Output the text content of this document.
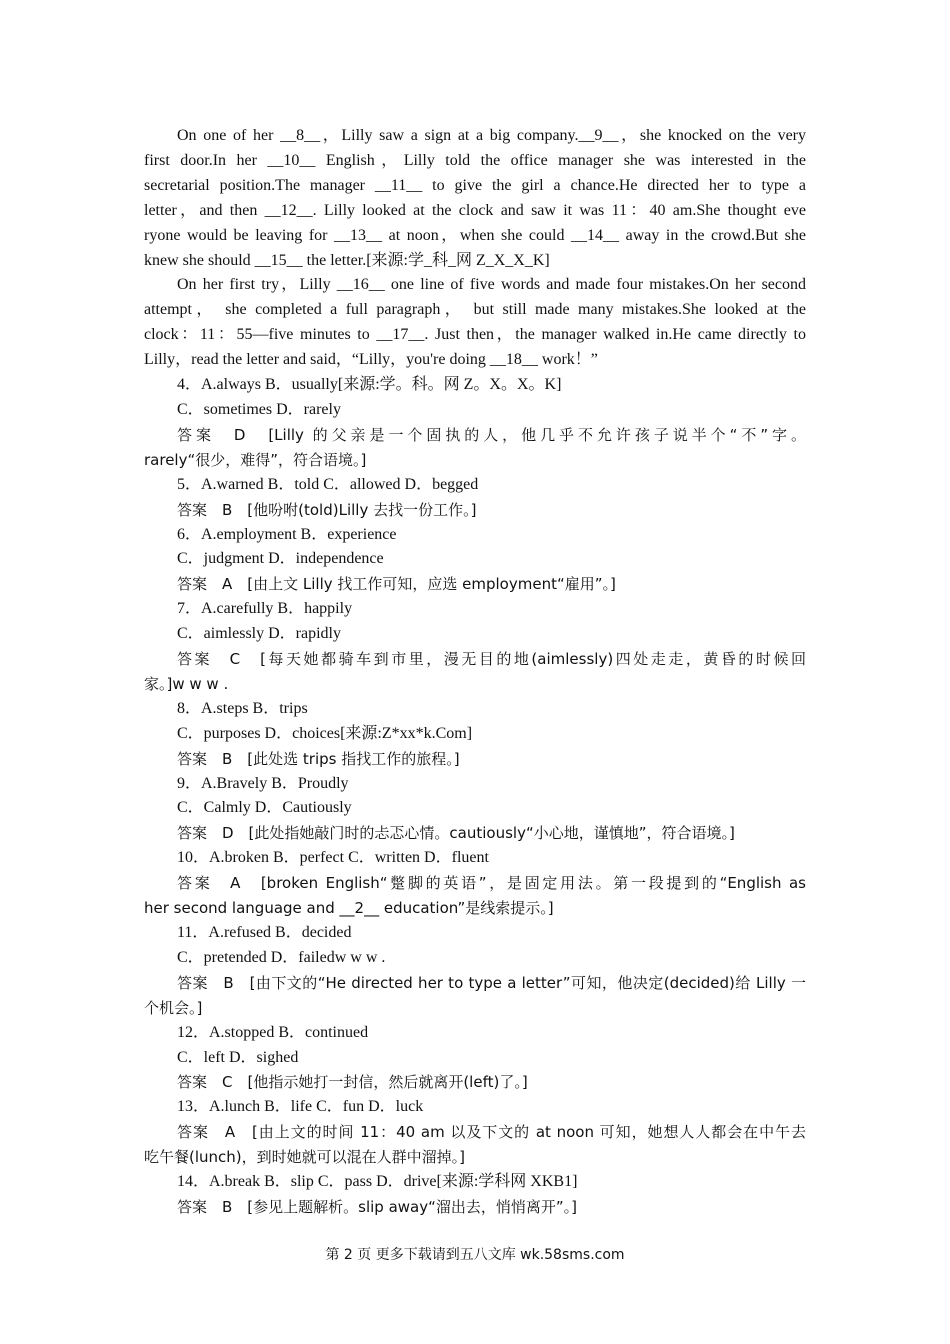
On one of her __8__，Lilly saw a sign at a big company.__9__，she knocked on the very
first door.In her __10__ English，Lilly told the office manager she was interested in the
secretarial position.The manager __11__ to give the girl a chance.He directed her to type a
letter，and then __12__. Lilly looked at the clock and saw it was 11：40 am.She thought eve
ryone would be leaving for __13__ at noon，when she could __14__ away in the crowd.But she
knew she should __15__ the letter.[来源:学_科_网 Z_X_X_K]
On her first try，Lilly __16__ one line of five words and made four mistakes.On her second
attempt， she completed a full paragraph， but still made many mistakes.She looked at the
clock：11：55—five minutes to __17__. Just then，the manager walked in.He came directly to
Lilly，read the letter and said，“Lilly，you're doing __18__ work！”
4．A.always B．usually[来源:学。科。网 Z。X。X。K]
C．sometimes D．rarely
答案　D　[Lilly 的父亲是一个固执的人，他几乎不允许孩子说半个“不”字。
rarely“很少，难得”，符合语境。]
5．A.warned B．told C．allowed D．begged
答案　B　[他吩咐(told)Lilly 去找一份工作。]
6．A.employment B．experience
C．judgment D．independence
答案　A　[由上文 Lilly 找工作可知，应选 employment“雇用”。]
7．A.carefully B．happily
C．aimlessly D．rapidly
答案　C　[每天她都骑车到市里，漫无目的地(aimlessly)四处走走，黄昏的时候回
家。]w w w .
8．A.steps B．trips
C．purposes D．choices[来源:Z*xx*k.Com]
答案　B　[此处选 trips 指找工作的旅程。]
9．A.Bravely B．Proudly
C．Calmly D．Cautiously
答案　D　[此处指她敲门时的忐忑心情。cautiously“小心地，谨慎地”，符合语境。]
10．A.broken B．perfect C．written D．fluent
答案　A　[broken English“蹩脚的英语”，是固定用法。第一段提到的“English as
her second language and __2__ education”是线索提示。]
11．A.refused B．decided
C．pretended D．failedw w w .
答案　B　[由下文的“He directed her to type a letter”可知，他决定(decided)给 Lilly 一
个机会。]
12．A.stopped B．continued
C．left D．sighed
答案　C　[他指示她打一封信，然后就离开(left)了。]
13．A.lunch B．life C．fun D．luck
答案　A　[由上文的时间 11：40 am 以及下文的 at noon 可知，她想人人都会在中午去
吃午餐(lunch)，到时她就可以混在人群中溜掉。]
14．A.break B．slip C．pass D．drive[来源:学科网 XKB1]
答案　B　[参见上题解析。slip away“溜出去，悄悄离开”。]
第 2 页 更多下载请到五八文库 wk.58sms.com
